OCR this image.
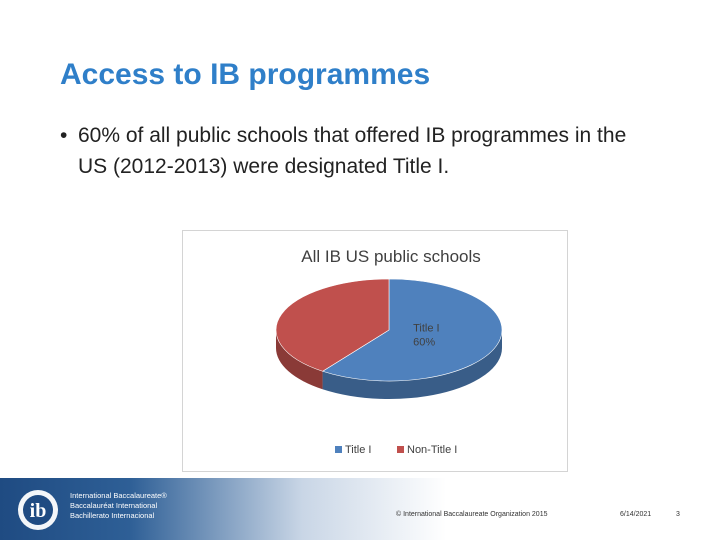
Access to IB programmes
• 60% of all public schools that offered IB programmes in the US (2012-2013) were designated Title I.
All IB US public schools
Title I
60%
Title I	Non-Title I
ib
International Baccalaureate®
Baccalauréat International
Bachillerato Internacional	© International Baccalaureate Organization 2015	6/14/2021	3
